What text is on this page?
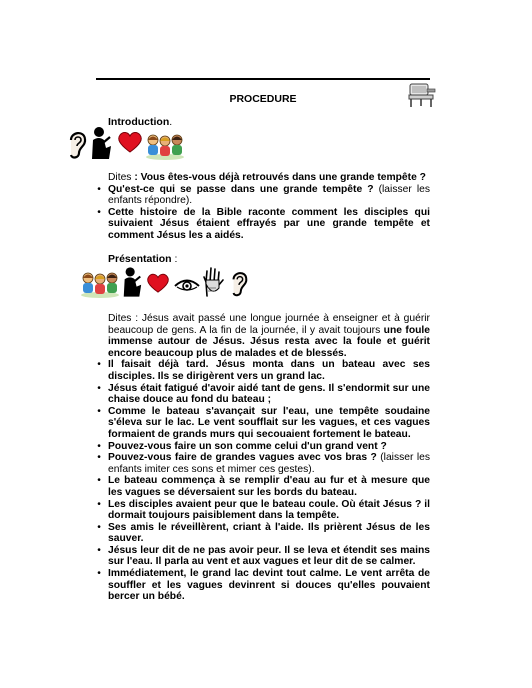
PROCEDURE
Introduction.

Dites : Vous êtes-vous déjà retrouvés dans une grande tempête ?

• Qu'est-ce qui se passe dans une grande tempête ? (laisser les enfants répondre).

• Cette histoire de la Bible raconte comment les disciples qui suivaient Jésus étaient effrayés par une grande tempête et comment Jésus les a aidés.

Présentation :

Dites : Jésus avait passé une longue journée à enseigner et à guérir beaucoup de gens. A la fin de la journée, il y avait toujours une foule immense autour de Jésus. Jésus resta avec la foule et guérit encore beaucoup plus de malades et de blessés.

• Il faisait déjà tard. Jésus monta dans un bateau avec ses disciples. Ils se dirigèrent vers un grand lac.

• Jésus était fatigué d'avoir aidé tant de gens. Il s'endormit sur une chaise douce au fond du bateau ;

• Comme le bateau s'avançait sur l'eau, une tempête soudaine s'éleva sur le lac. Le vent soufflait sur les vagues, et ces vagues formaient de grands murs qui secouaient fortement le bateau.

• Pouvez-vous faire un son comme celui d'un grand vent ?

• Pouvez-vous faire de grandes vagues avec vos bras ? (laisser les enfants imiter ces sons et mimer ces gestes).

• Le bateau commença à se remplir d'eau au fur et à mesure que les vagues se déversaient sur les bords du bateau.

• Les disciples avaient peur que le bateau coule. Où était Jésus ? il dormait toujours paisiblement dans la tempête.

• Ses amis le réveillèrent, criant à l'aide. Ils prièrent Jésus de les sauver.

• Jésus leur dit de ne pas avoir peur. Il se leva et étendit ses mains sur l'eau. Il parla au vent et aux vagues et leur dit de se calmer.

• Immédiatement, le grand lac devint tout calme. Le vent arrêta de souffler et les vagues devinrent si douces qu'elles pouvaient bercer un bébé.
